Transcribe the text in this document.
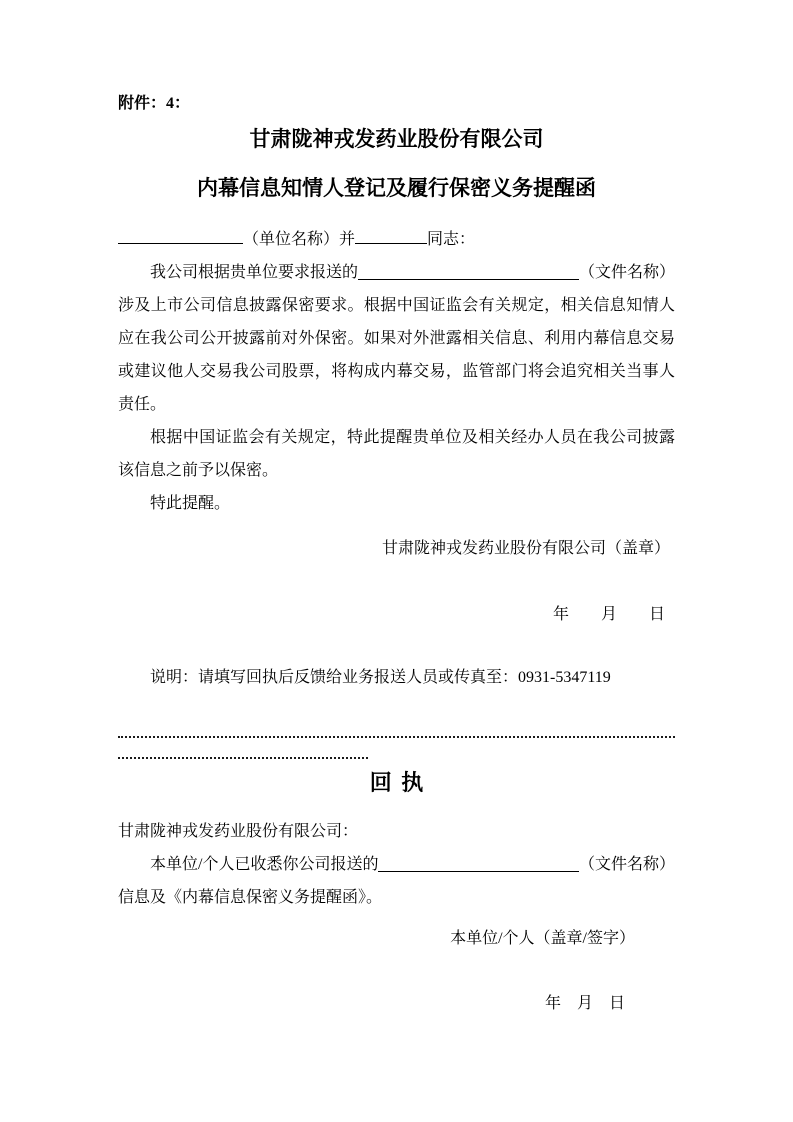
附件：4：
甘肃陇神戎发药业股份有限公司
内幕信息知情人登记及履行保密义务提醒函
（单位名称）并	同志：
我公司根据贵单位要求报送的	（文件名称）
涉及上市公司信息披露保密要求。根据中国证监会有关规定，相关信息知情人应在我公司公开披露前对外保密。如果对外泄露相关信息、利用内幕信息交易或建议他人交易我公司股票，将构成内幕交易，监管部门将会追究相关当事人责任。
根据中国证监会有关规定，特此提醒贵单位及相关经办人员在我公司披露该信息之前予以保密。
特此提醒。
甘肃陇神戎发药业股份有限公司（盖章）
年　　月　　日
说明：请填写回执后反馈给业务报送人员或传真至：0931-5347119
回 执
甘肃陇神戎发药业股份有限公司：
本单位/个人已收悉你公司报送的	（文件名称）
信息及《内幕信息保密义务提醒函》。
本单位/个人（盖章/签字）
年　月　日
